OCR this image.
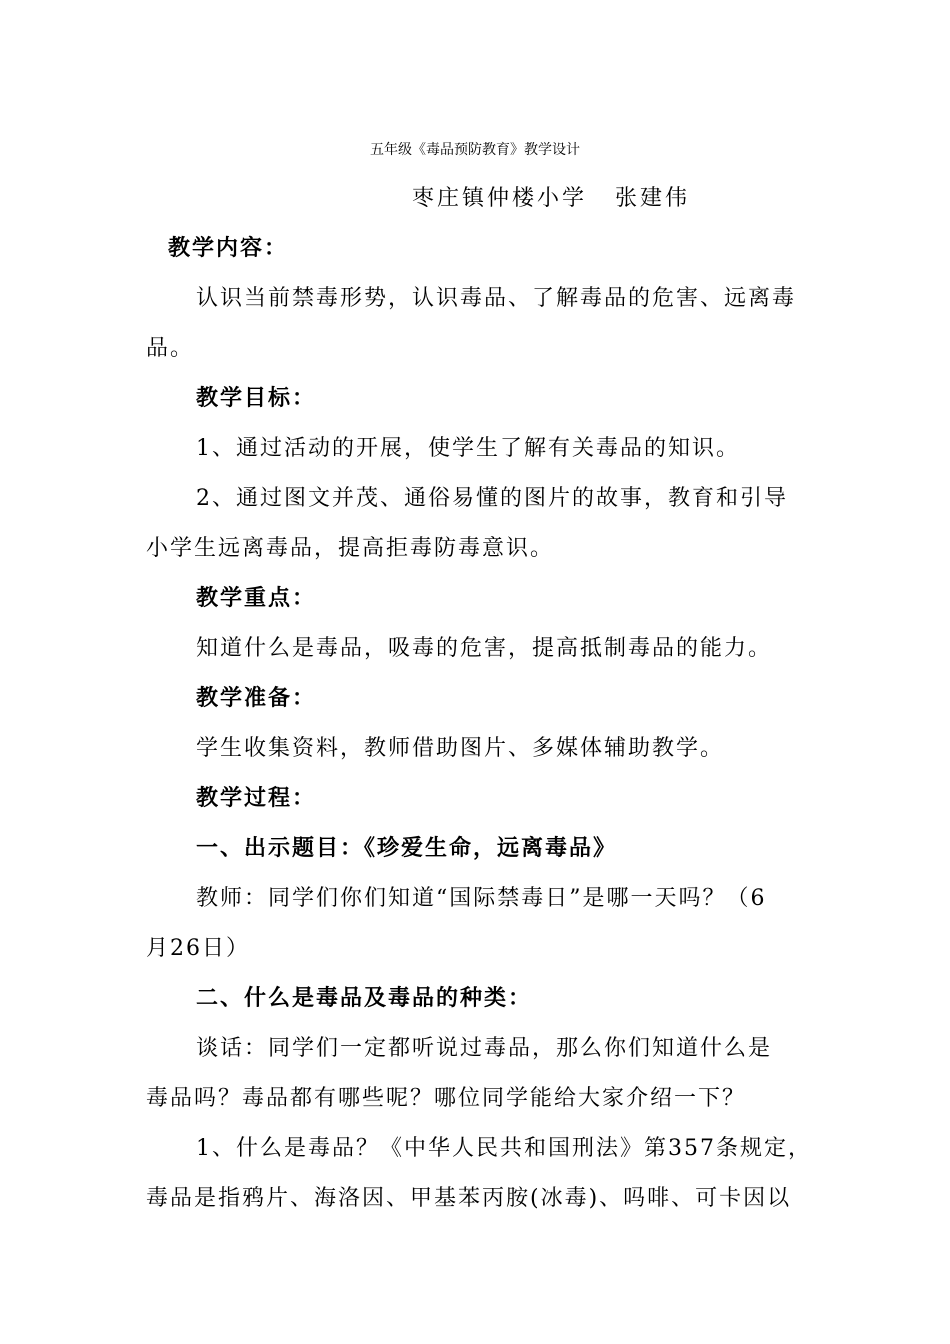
五年级《毒品预防教育》教学设计
枣庄镇仲楼小学 张建伟
教学内容：
认识当前禁毒形势，认识毒品、了解毒品的危害、远离毒
品。
教学目标：
1、通过活动的开展，使学生了解有关毒品的知识。
2、通过图文并茂、通俗易懂的图片的故事，教育和引导
小学生远离毒品，提高拒毒防毒意识。
教学重点：
知道什么是毒品，吸毒的危害，提高抵制毒品的能力。
教学准备：
学生收集资料，教师借助图片、多媒体辅助教学。
教学过程：
一、出示题目：《珍爱生命，远离毒品》
教师：同学们你们知道“国际禁毒日”是哪一天吗？（6
月26日）
二、什么是毒品及毒品的种类：
谈话：同学们一定都听说过毒品，那么你们知道什么是
毒品吗？毒品都有哪些呢？哪位同学能给大家介绍一下？
1、什么是毒品？《中华人民共和国刑法》第357条规定，
毒品是指鸦片、海洛因、甲基苯丙胺(冰毒)、吗啡、可卡因以
